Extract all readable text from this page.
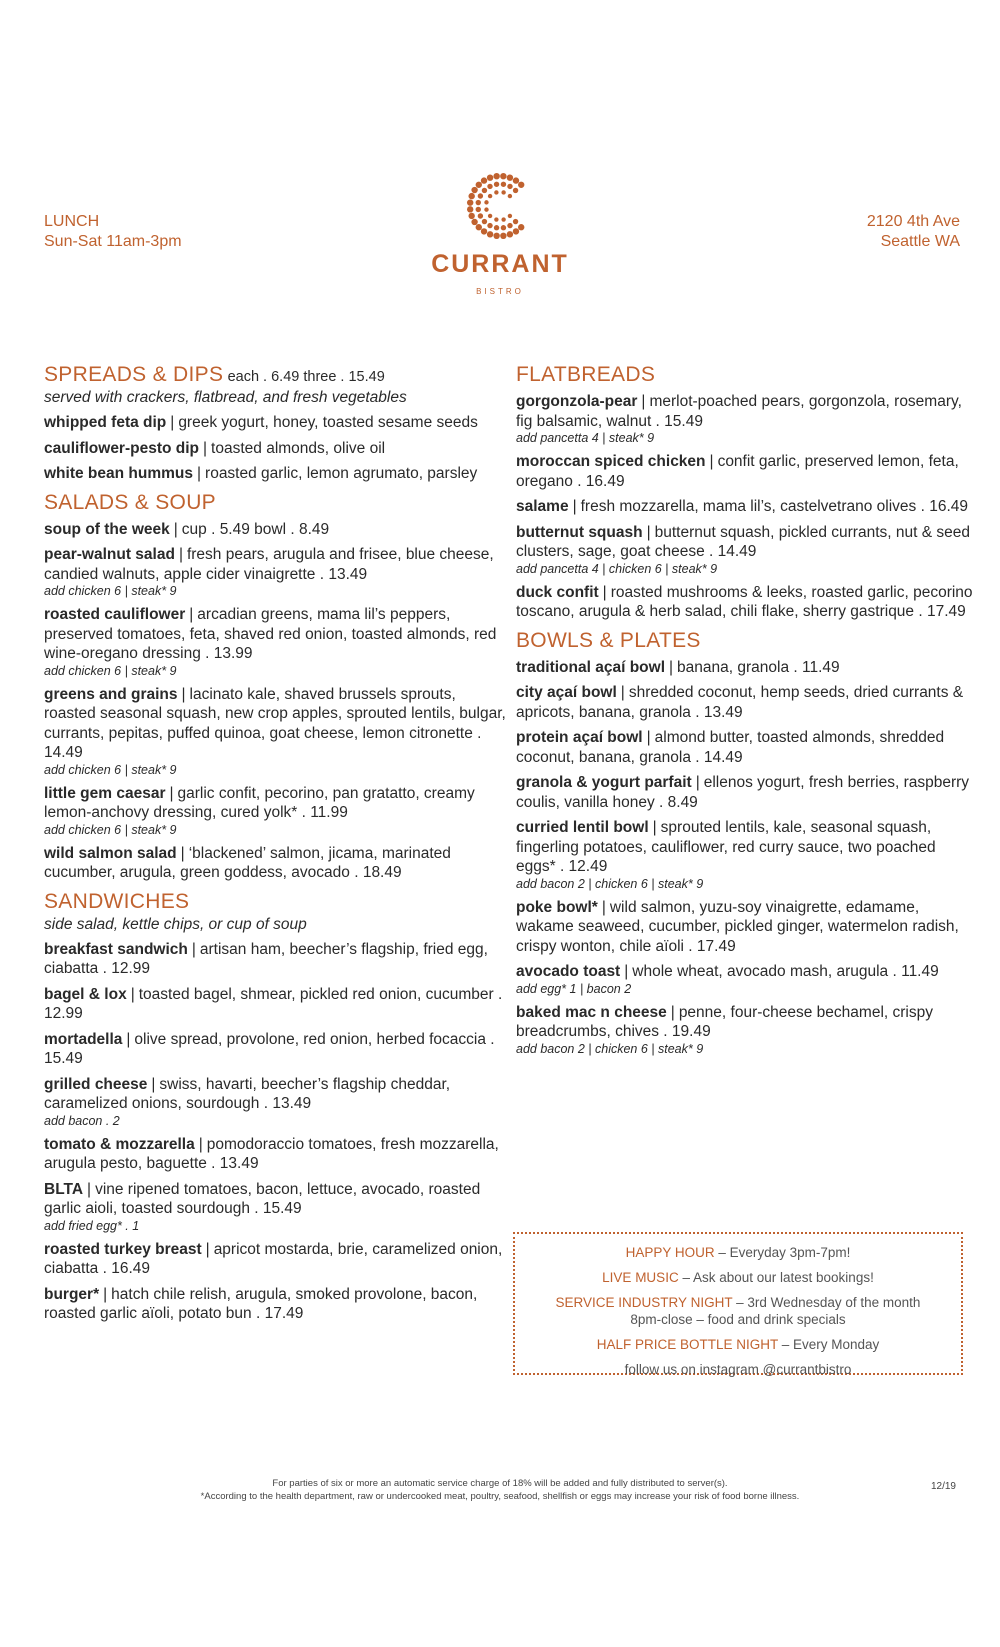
LUNCH
Sun-Sat 11am-3pm
2120 4th Ave
Seattle WA
CURRANT
BISTRO
SPREADS & DIPS each . 6.49 three . 15.49
served with crackers, flatbread, and fresh vegetables
whipped feta dip | greek yogurt, honey, toasted sesame seeds
cauliflower-pesto dip | toasted almonds, olive oil
white bean hummus | roasted garlic, lemon agrumato, parsley
SALADS & SOUP
soup of the week | cup . 5.49 bowl . 8.49
pear-walnut salad | fresh pears, arugula and frisee, blue cheese, candied walnuts, apple cider vinaigrette . 13.49
add chicken 6 | steak* 9
roasted cauliflower | arcadian greens, mama lil’s peppers, preserved tomatoes, feta, shaved red onion, toasted almonds, red wine-oregano dressing . 13.99
add chicken 6 | steak* 9
greens and grains | lacinato kale, shaved brussels sprouts, roasted seasonal squash, new crop apples, sprouted lentils, bulgar, currants, pepitas, puffed quinoa, goat cheese, lemon citronette . 14.49
add chicken 6 | steak* 9
little gem caesar | garlic confit, pecorino, pan gratatto, creamy lemon-anchovy dressing, cured yolk* . 11.99
add chicken 6 | steak* 9
wild salmon salad | ‘blackened’ salmon, jicama, marinated cucumber, arugula, green goddess, avocado . 18.49
SANDWICHES
side salad, kettle chips, or cup of soup
breakfast sandwich | artisan ham, beecher’s flagship, fried egg, ciabatta . 12.99
bagel & lox | toasted bagel, shmear, pickled red onion, cucumber . 12.99
mortadella | olive spread, provolone, red onion, herbed focaccia . 15.49
grilled cheese | swiss, havarti, beecher’s flagship cheddar, caramelized onions, sourdough . 13.49
add bacon . 2
tomato & mozzarella | pomodoraccio tomatoes, fresh mozzarella, arugula pesto, baguette . 13.49
BLTA | vine ripened tomatoes, bacon, lettuce, avocado, roasted garlic aioli, toasted sourdough . 15.49
add fried egg* . 1
roasted turkey breast | apricot mostarda, brie, caramelized onion, ciabatta . 16.49
burger* | hatch chile relish, arugula, smoked provolone, bacon, roasted garlic aïoli, potato bun . 17.49
FLATBREADS
gorgonzola-pear | merlot-poached pears, gorgonzola, rosemary, fig balsamic, walnut . 15.49
add pancetta 4 | steak* 9
moroccan spiced chicken | confit garlic, preserved lemon, feta, oregano . 16.49
salame | fresh mozzarella, mama lil’s, castelvetrano olives . 16.49
butternut squash | butternut squash, pickled currants, nut & seed clusters, sage, goat cheese . 14.49
add pancetta 4 | chicken 6 | steak* 9
duck confit | roasted mushrooms & leeks, roasted garlic, pecorino toscano, arugula & herb salad, chili flake, sherry gastrique . 17.49
BOWLS & PLATES
traditional açaí bowl | banana, granola . 11.49
city açaí bowl | shredded coconut, hemp seeds, dried currants & apricots, banana, granola . 13.49
protein açaí bowl | almond butter, toasted almonds, shredded coconut, banana, granola . 14.49
granola & yogurt parfait | ellenos yogurt, fresh berries, raspberry coulis, vanilla honey . 8.49
curried lentil bowl | sprouted lentils, kale, seasonal squash, fingerling potatoes, cauliflower, red curry sauce, two poached eggs* . 12.49
add bacon 2 | chicken 6 | steak* 9
poke bowl* | wild salmon, yuzu-soy vinaigrette, edamame, wakame seaweed, cucumber, pickled ginger, watermelon radish, crispy wonton, chile aïoli . 17.49
avocado toast | whole wheat, avocado mash, arugula . 11.49
add egg* 1 | bacon 2
baked mac n cheese | penne, four-cheese bechamel, crispy breadcrumbs, chives . 19.49
add bacon 2 | chicken 6 | steak* 9
HAPPY HOUR – Everyday 3pm-7pm!
LIVE MUSIC – Ask about our latest bookings!
SERVICE INDUSTRY NIGHT – 3rd Wednesday of the month
8pm-close – food and drink specials
HALF PRICE BOTTLE NIGHT – Every Monday
follow us on instagram @currantbistro
For parties of six or more an automatic service charge of 18% will be added and fully distributed to server(s).
*According to the health department, raw or undercooked meat, poultry, seafood, shellfish or eggs may increase your risk of food borne illness.
12/19
